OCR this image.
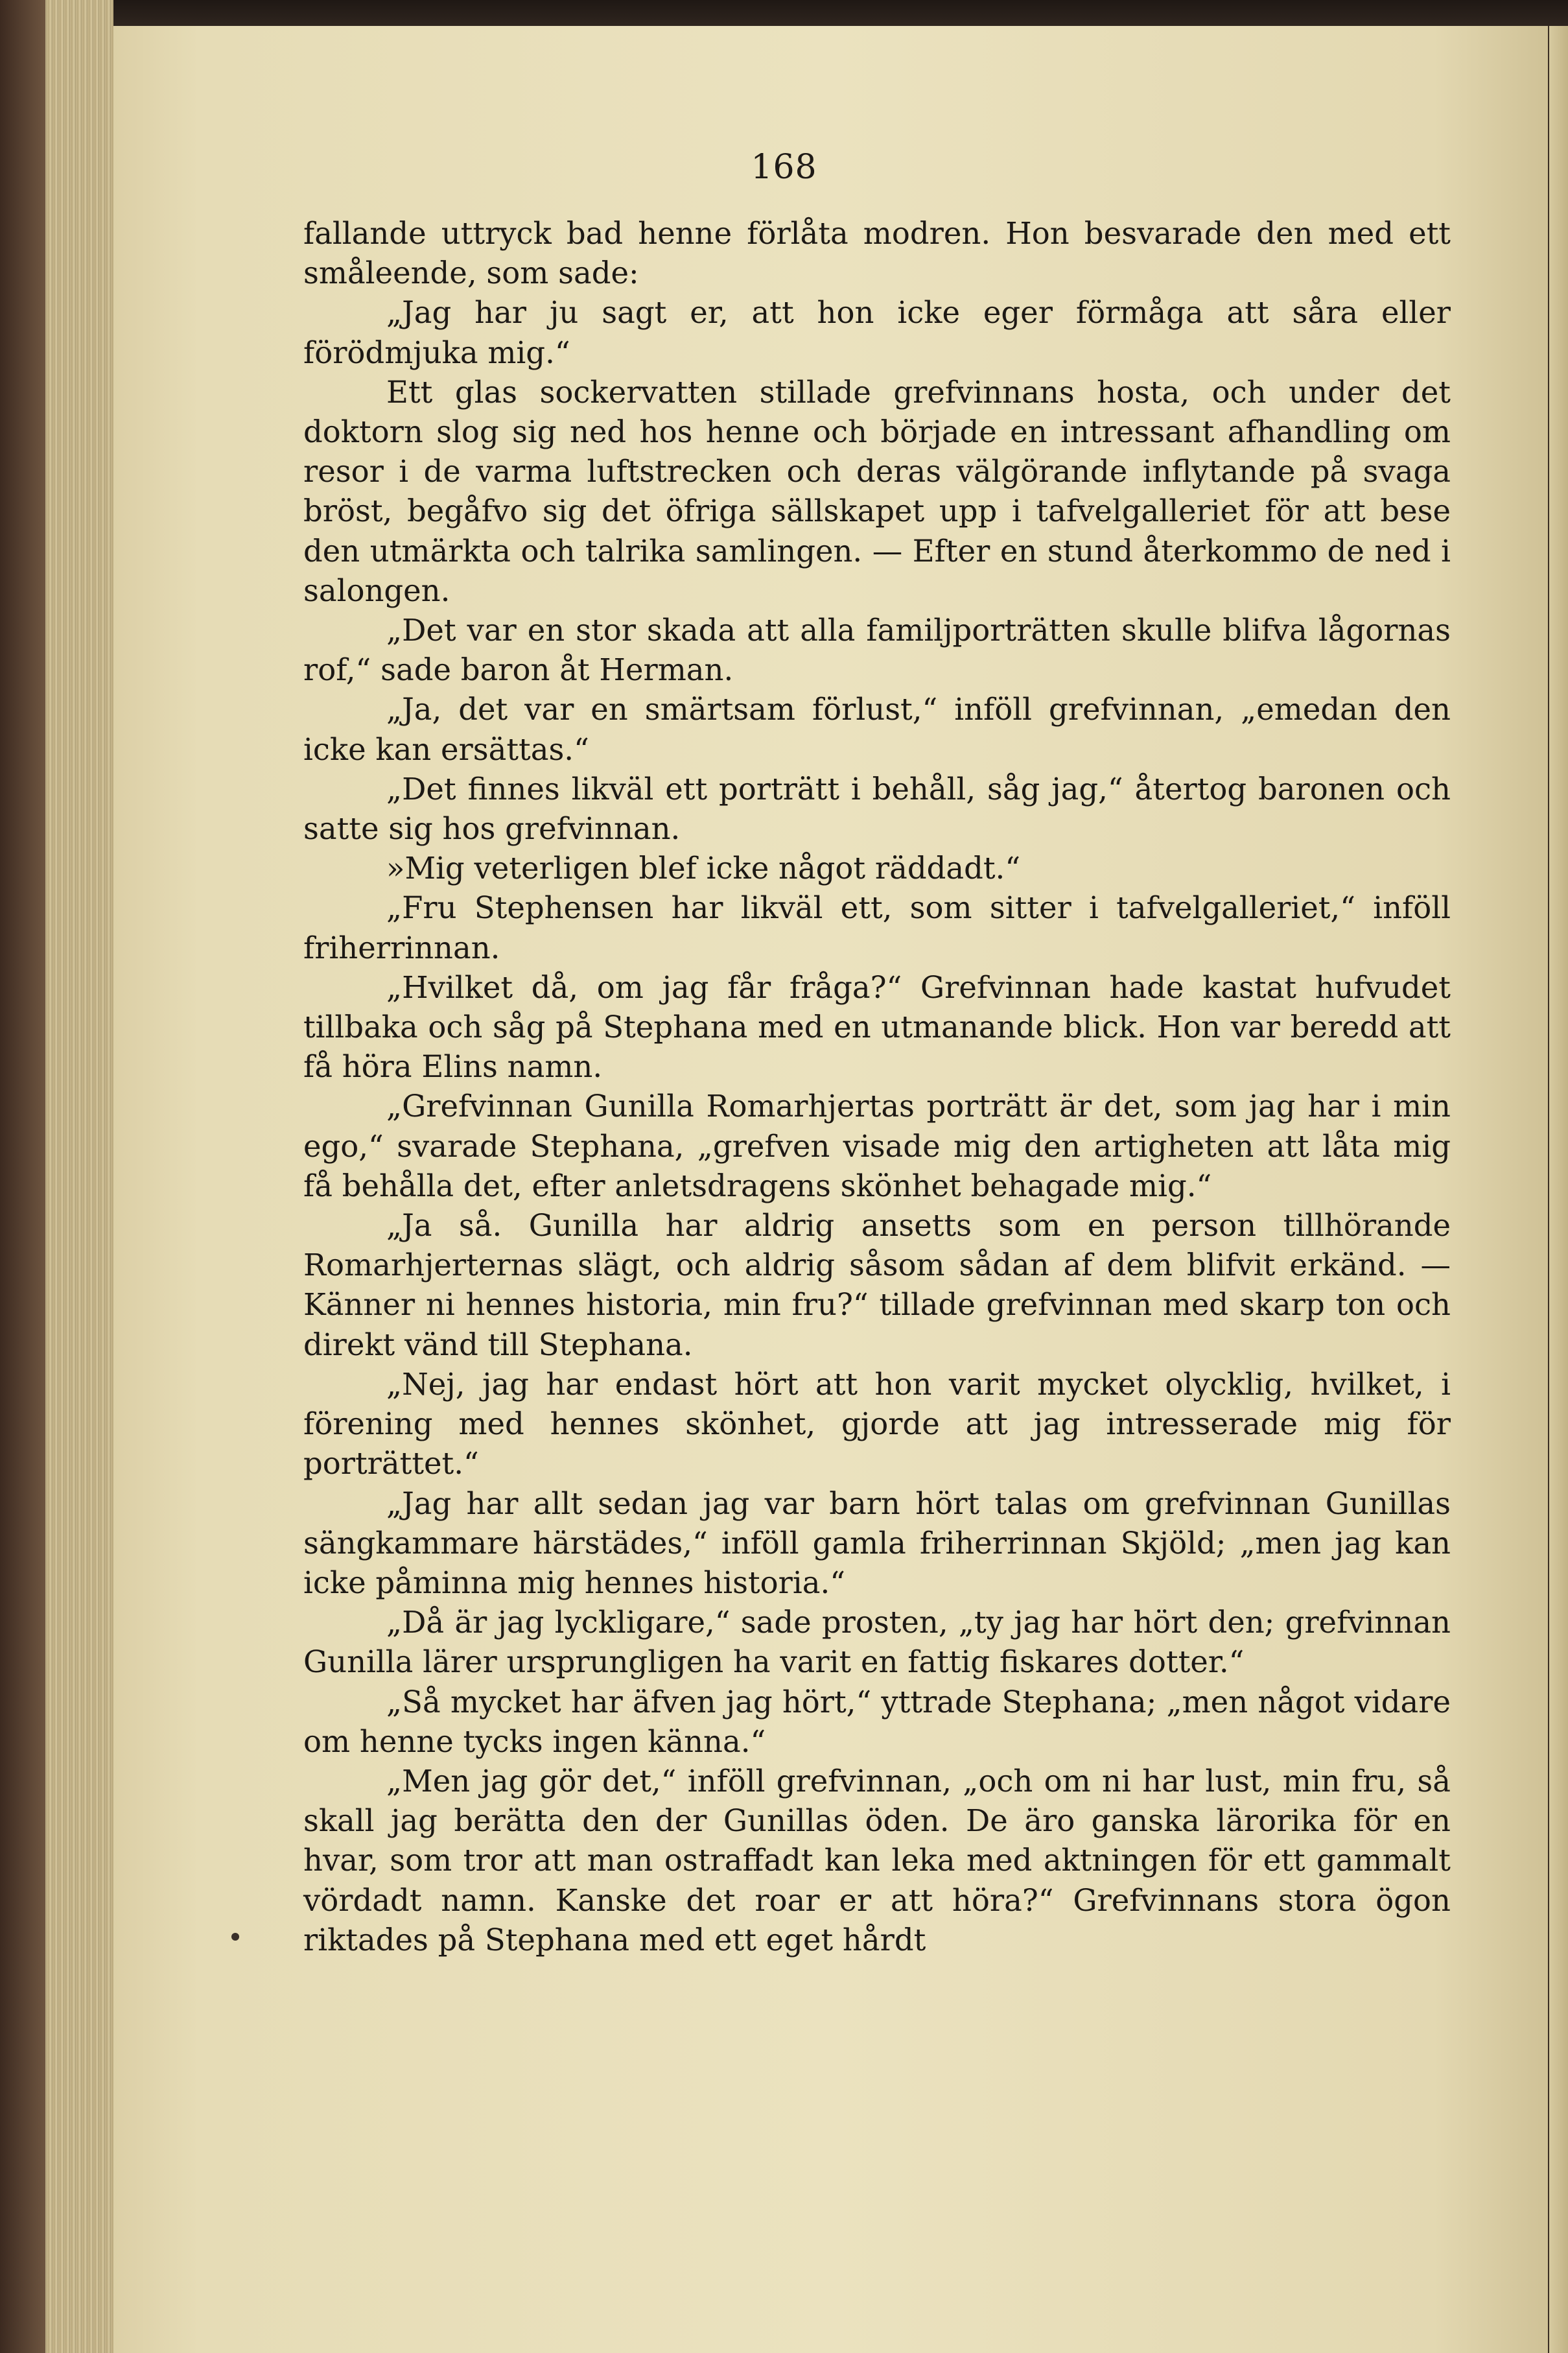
168

fallande uttryck bad henne förlåta modren. Hon besvarade den med ett småleende, som sade:

„Jag har ju sagt er, att hon icke eger förmåga att såra eller förödmjuka mig.“

Ett glas sockervatten stillade grefvinnans hosta, och under det doktorn slog sig ned hos henne och började en intressant afhandling om resor i de varma luftstrecken och deras välgörande inflytande på svaga bröst, begåfvo sig det öfriga sällskapet upp i tafvelgalleriet för att bese den utmärkta och talrika samlingen. — Efter en stund återkommo de ned i salongen.

„Det var en stor skada att alla familjporträtten skulle blifva lågornas rof,“ sade baron åt Herman.

„Ja, det var en smärtsam förlust,“ inföll grefvinnan, „emedan den icke kan ersättas.“

„Det finnes likväl ett porträtt i behåll, såg jag,“ återtog baronen och satte sig hos grefvinnan.

»Mig veterligen blef icke något räddadt.“

„Fru Stephensen har likväl ett, som sitter i tafvelgalleriet,“ inföll friherrinnan.

„Hvilket då, om jag får fråga?“ Grefvinnan hade kastat hufvudet tillbaka och såg på Stephana med en utmanande blick. Hon var beredd att få höra Elins namn.

„Grefvinnan Gunilla Romarhjertas porträtt är det, som jag har i min ego,“ svarade Stephana, „grefven visade mig den artigheten att låta mig få behålla det, efter anletsdragens skönhet behagade mig.“

„Ja så. Gunilla har aldrig ansetts som en person tillhörande Romarhjerternas slägt, och aldrig såsom sådan af dem blifvit erkänd. — Känner ni hennes historia, min fru?“ tillade grefvinnan med skarp ton och direkt vänd till Stephana.

„Nej, jag har endast hört att hon varit mycket olycklig, hvilket, i förening med hennes skönhet, gjorde att jag intresserade mig för porträttet.“

„Jag har allt sedan jag var barn hört talas om grefvinnan Gunillas sängkammare härstädes,“ inföll gamla friherrinnan Skjöld; „men jag kan icke påminna mig hennes historia.“

„Då är jag lyckligare,“ sade prosten, „ty jag har hört den; grefvinnan Gunilla lärer ursprungligen ha varit en fattig fiskares dotter.“

„Så mycket har äfven jag hört,“ yttrade Stephana; „men något vidare om henne tycks ingen känna.“

„Men jag gör det,“ inföll grefvinnan, „och om ni har lust, min fru, så skall jag berätta den der Gunillas öden. De äro ganska lärorika för en hvar, som tror att man ostraffadt kan leka med aktningen för ett gammalt vördadt namn. Kanske det roar er att höra?“ Grefvinnans stora ögon riktades på Stephana med ett eget hårdt
